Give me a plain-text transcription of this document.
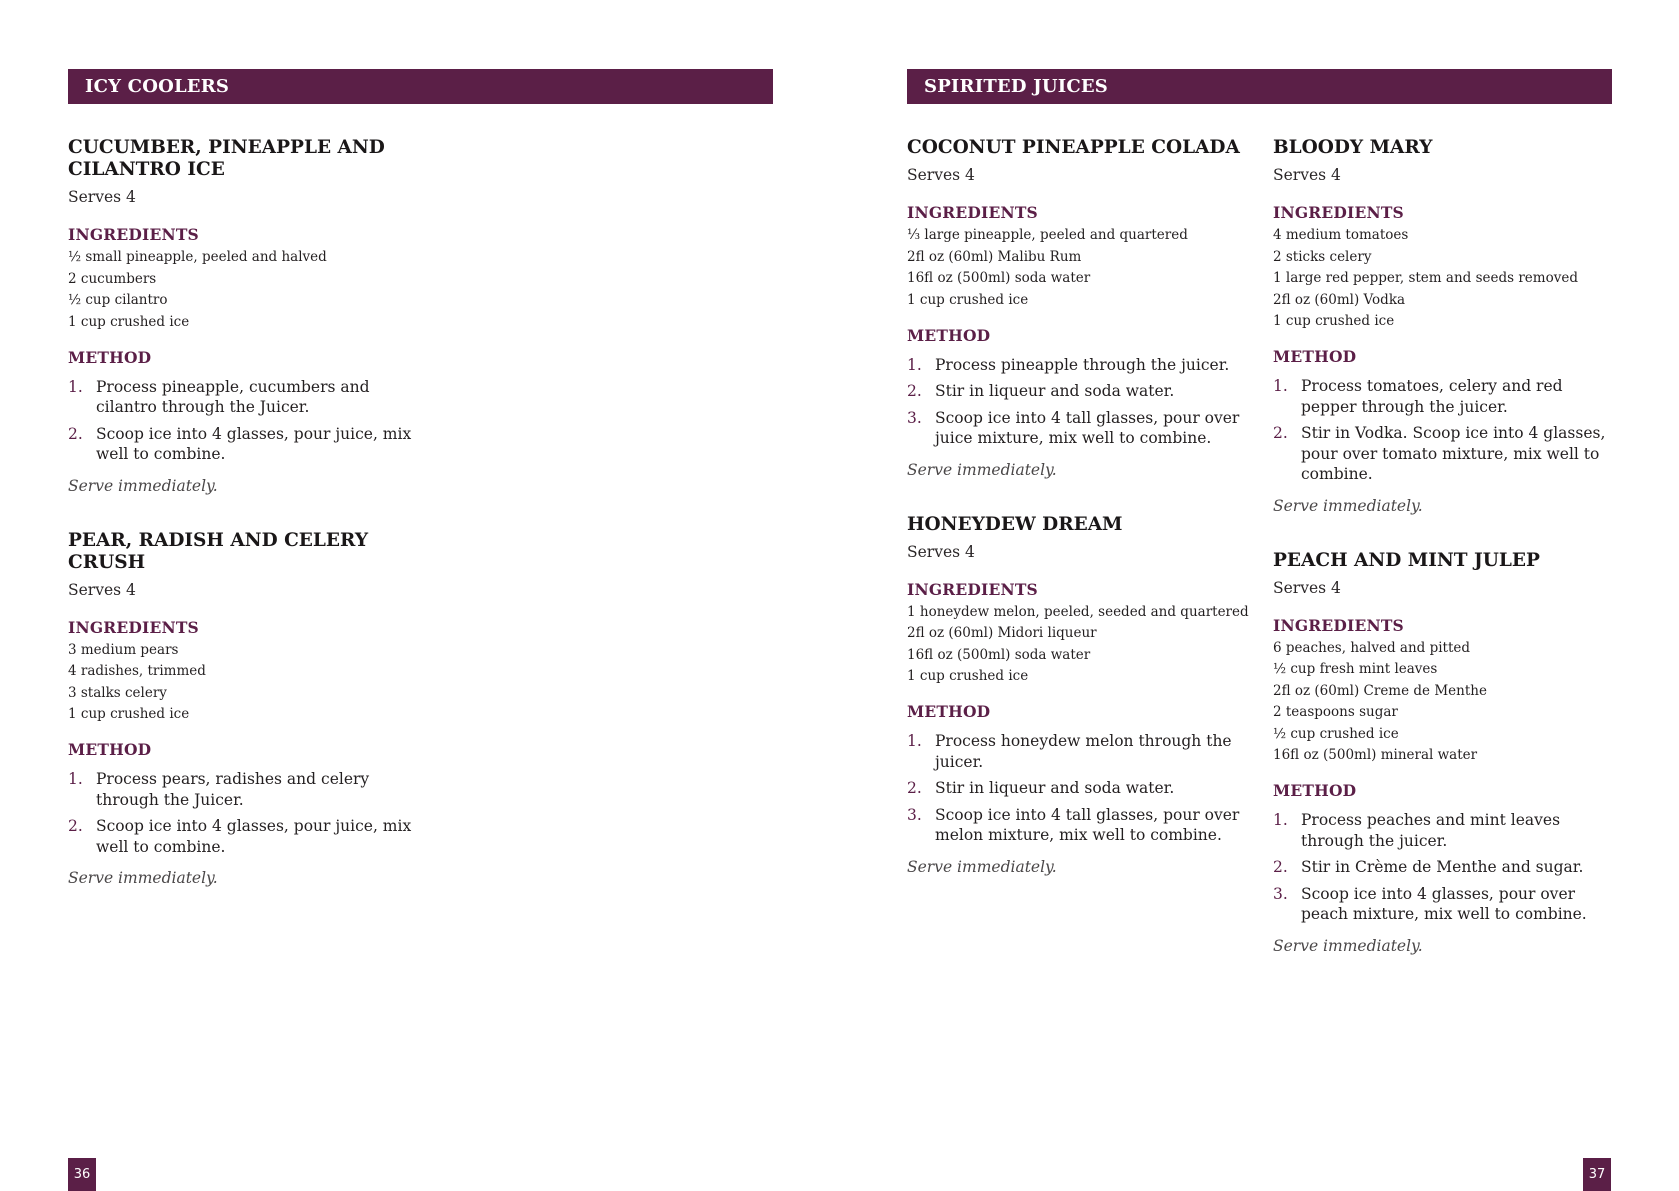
ICY COOLERS
CUCUMBER, PINEAPPLE AND CILANTRO ICE
Serves 4
INGREDIENTS
½ small pineapple, peeled and halved
2 cucumbers
½ cup cilantro
1 cup crushed ice
METHOD
1. Process pineapple, cucumbers and cilantro through the Juicer.
2. Scoop ice into 4 glasses, pour juice, mix well to combine.
Serve immediately.
PEAR, RADISH AND CELERY CRUSH
Serves 4
INGREDIENTS
3 medium pears
4 radishes, trimmed
3 stalks celery
1 cup crushed ice
METHOD
1. Process pears, radishes and celery through the Juicer.
2. Scoop ice into 4 glasses, pour juice, mix well to combine.
Serve immediately.
36
SPIRITED JUICES
COCONUT PINEAPPLE COLADA
Serves 4
INGREDIENTS
⅓ large pineapple, peeled and quartered
2fl oz (60ml) Malibu Rum
16fl oz (500ml) soda water
1 cup crushed ice
METHOD
1. Process pineapple through the juicer.
2. Stir in liqueur and soda water.
3. Scoop ice into 4 tall glasses, pour over juice mixture, mix well to combine.
Serve immediately.
HONEYDEW DREAM
Serves 4
INGREDIENTS
1 honeydew melon, peeled, seeded and quartered
2fl oz (60ml) Midori liqueur
16fl oz (500ml) soda water
1 cup crushed ice
METHOD
1. Process honeydew melon through the juicer.
2. Stir in liqueur and soda water.
3. Scoop ice into 4 tall glasses, pour over melon mixture, mix well to combine.
Serve immediately.
BLOODY MARY
Serves 4
INGREDIENTS
4 medium tomatoes
2 sticks celery
1 large red pepper, stem and seeds removed
2fl oz (60ml) Vodka
1 cup crushed ice
METHOD
1. Process tomatoes, celery and red pepper through the juicer.
2. Stir in Vodka. Scoop ice into 4 glasses, pour over tomato mixture, mix well to combine.
Serve immediately.
PEACH AND MINT JULEP
Serves 4
INGREDIENTS
6 peaches, halved and pitted
½ cup fresh mint leaves
2fl oz (60ml) Creme de Menthe
2 teaspoons sugar
½ cup crushed ice
16fl oz (500ml) mineral water
METHOD
1. Process peaches and mint leaves through the juicer.
2. Stir in Crème de Menthe and sugar.
3. Scoop ice into 4 glasses, pour over peach mixture, mix well to combine.
Serve immediately.
37
